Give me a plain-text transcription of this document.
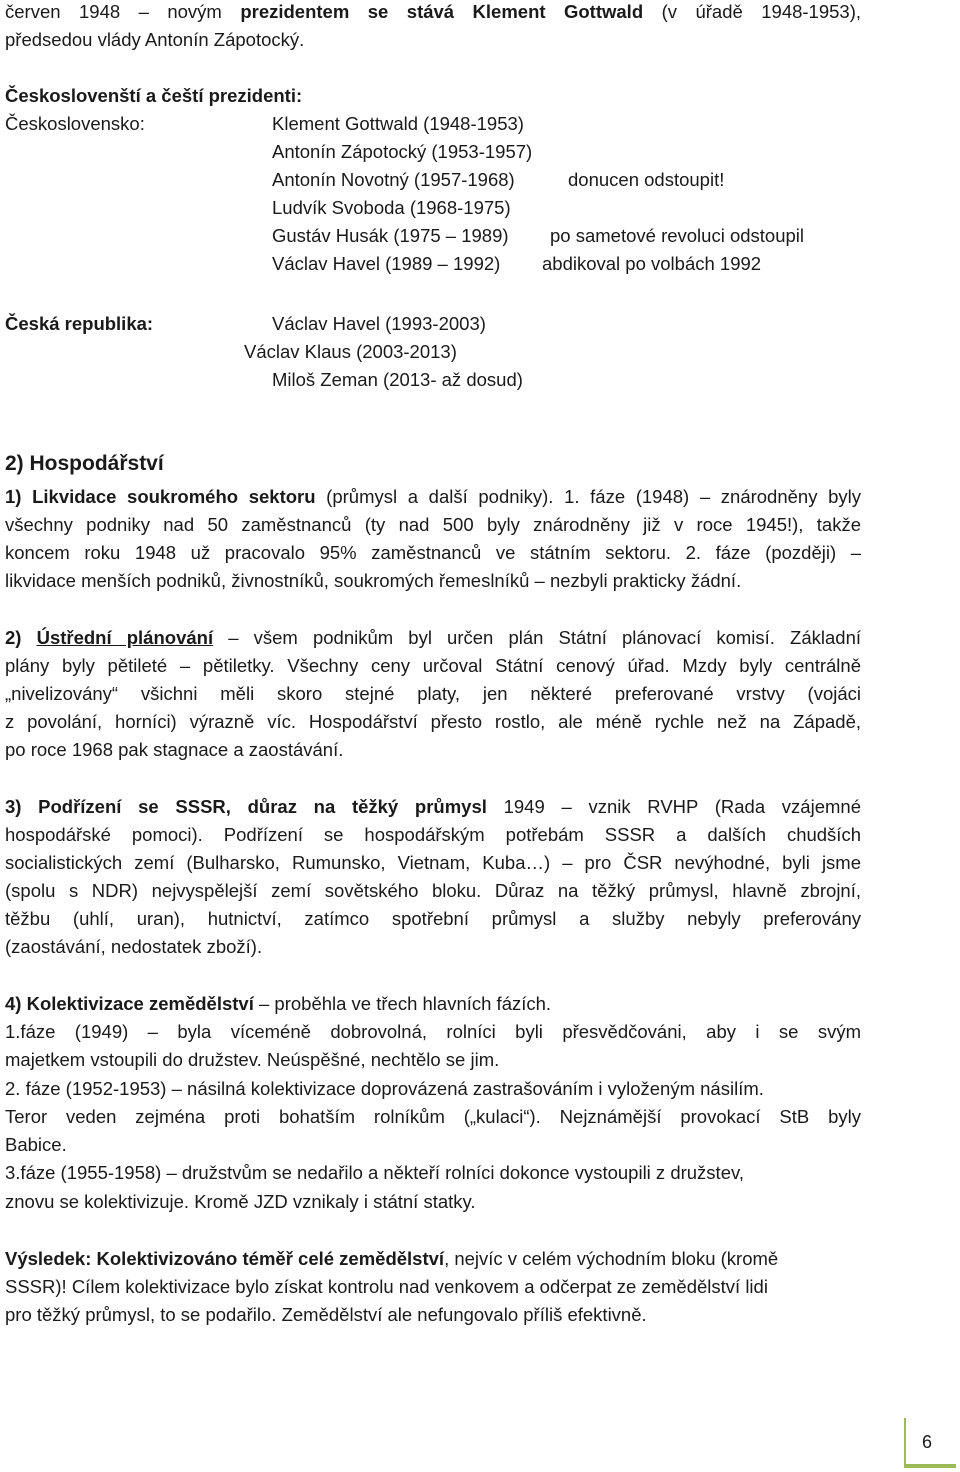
červen 1948 – novým prezidentem se stává Klement Gottwald (v úřadě 1948-1953),
předsedou vlády Antonín Zápotocký.
Českoslovenští a čeští prezidenti:
Československo:	Klement Gottwald (1948-1953)
Antonín Zápotocký (1953-1957)
Antonín Novotný (1957-1968)	donucen odstoupit!
Ludvík Svoboda (1968-1975)
Gustáv Husák (1975 – 1989) po sametové revoluci odstoupil
Václav Havel (1989 – 1992) abdikoval po volbách 1992
Česká republika:	Václav Havel (1993-2003)
Václav Klaus (2003-2013)
Miloš Zeman (2013- až dosud)
2) Hospodářství
1) Likvidace soukromého sektoru (průmysl a další podniky). 1. fáze (1948) – znárodněny byly
všechny podniky nad 50 zaměstnanců (ty nad 500 byly znárodněny již v roce 1945!), takže
koncem roku 1948 už pracovalo 95% zaměstnanců ve státním sektoru. 2. fáze (později) –
likvidace menších podniků, živnostníků, soukromých řemeslníků – nezbyli prakticky žádní.
2) Ústřední plánování – všem podnikům byl určen plán Státní plánovací komisí. Základní
plány byly pětileté – pětiletky. Všechny ceny určoval Státní cenový úřad. Mzdy byly centrálně
„nivelizovány“ všichni měli skoro stejné platy, jen některé preferované vrstvy (vojáci
z povolání, horníci) výrazně víc. Hospodářství přesto rostlo, ale méně rychle než na Západě,
po roce 1968 pak stagnace a zaostávání.
3) Podřízení se SSSR, důraz na těžký průmysl 1949 – vznik RVHP (Rada vzájemné
hospodářské pomoci). Podřízení se hospodářským potřebám SSSR a dalších chudších
socialistických zemí (Bulharsko, Rumunsko, Vietnam, Kuba…) – pro ČSR nevýhodné, byli jsme
(spolu s NDR) nejvyspělejší zemí sovětského bloku. Důraz na těžký průmysl, hlavně zbrojní,
těžbu (uhlí, uran), hutnictví, zatímco spotřební průmysl a služby nebyly preferovány
(zaostávání, nedostatek zboží).
4) Kolektivizace zemědělství – proběhla ve třech hlavních fázích.
1.fáze (1949) – byla víceméně dobrovolná, rolníci byli přesvědčováni, aby i se svým
majetkem vstoupili do družstev. Neúspěšné, nechtělo se jim.
2. fáze (1952-1953) – násilná kolektivizace doprovázená zastrašováním i vyloženým násilím.
Teror veden zejména proti bohatším rolníkům („kulaci“). Nejznámější provokací StB byly
Babice.
3.fáze (1955-1958) – družstvům se nedařilo a někteří rolníci dokonce vystoupili z družstev,
znovu se kolektivizuje. Kromě JZD vznikaly i státní statky.
Výsledek: Kolektivizováno téměř celé zemědělství, nejvíc v celém východním bloku (kromě
SSSR)! Cílem kolektivizace bylo získat kontrolu nad venkovem a odčerpat ze zemědělství lidi
pro těžký průmysl, to se podařilo. Zemědělství ale nefungovalo příliš efektivně.
6
